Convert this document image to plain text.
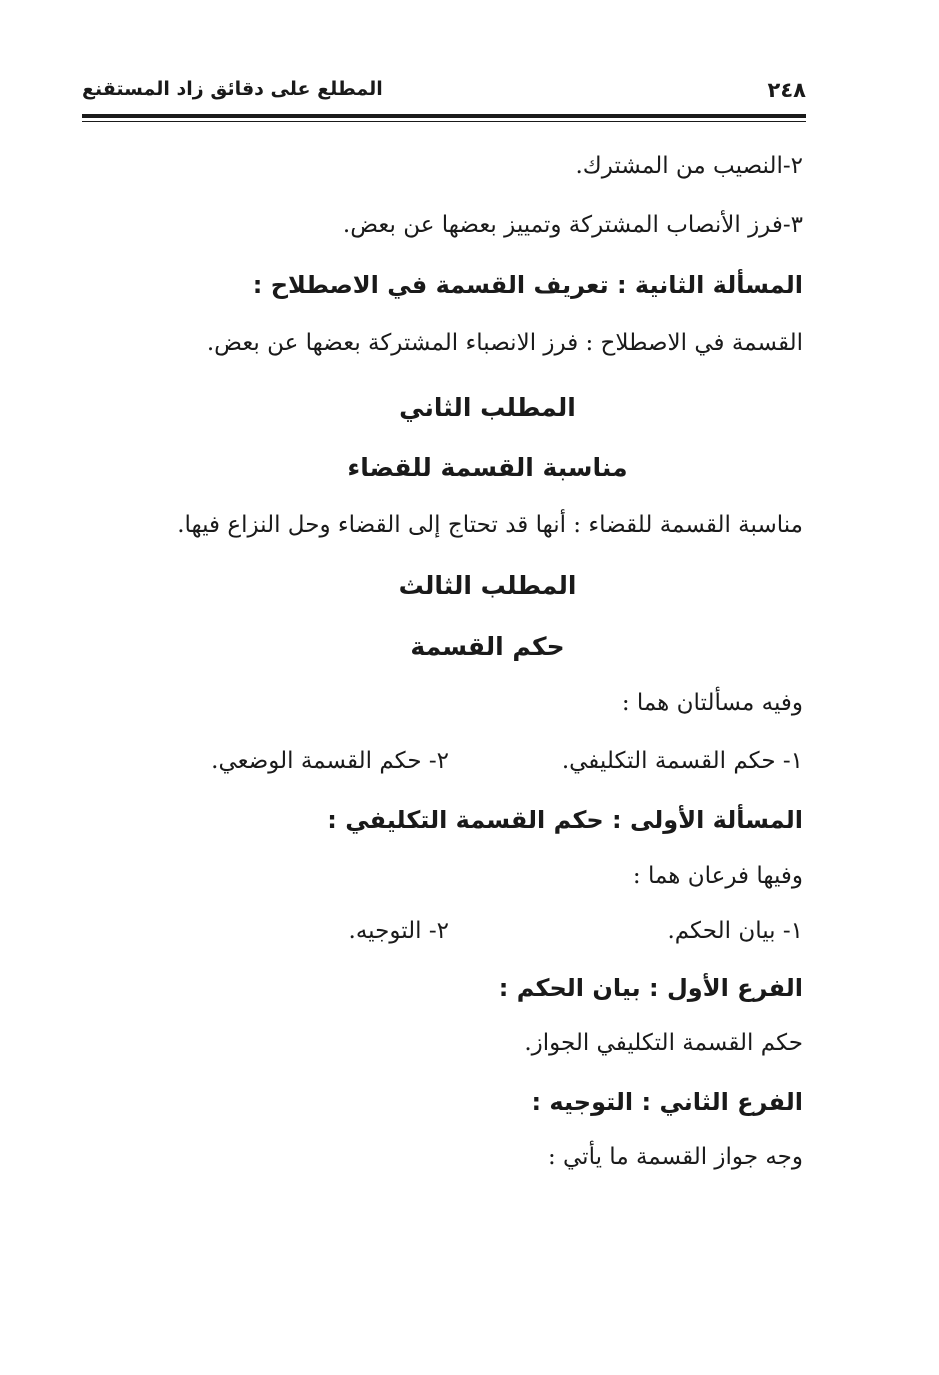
٢٤٨
المطلع على دقائق زاد المستقنع
٢-النصيب من المشترك.
٣-فرز الأنصاب المشتركة وتمييز بعضها عن بعض.
المسألة الثانية : تعريف القسمة في الاصطلاح :
القسمة في الاصطلاح : فرز الانصباء المشتركة بعضها عن بعض.
المطلب الثاني
مناسبة القسمة للقضاء
مناسبة القسمة للقضاء : أنها قد تحتاج إلى القضاء وحل النزاع فيها.
المطلب الثالث
حكم القسمة
وفيه مسألتان هما :
١- حكم القسمة التكليفي.
٢- حكم القسمة الوضعي.
المسألة الأولى : حكم القسمة التكليفي :
وفيها فرعان هما :
١- بيان الحكم.
٢- التوجيه.
الفرع الأول : بيان الحكم :
حكم القسمة التكليفي الجواز.
الفرع الثاني : التوجيه :
وجه جواز القسمة ما يأتي :
